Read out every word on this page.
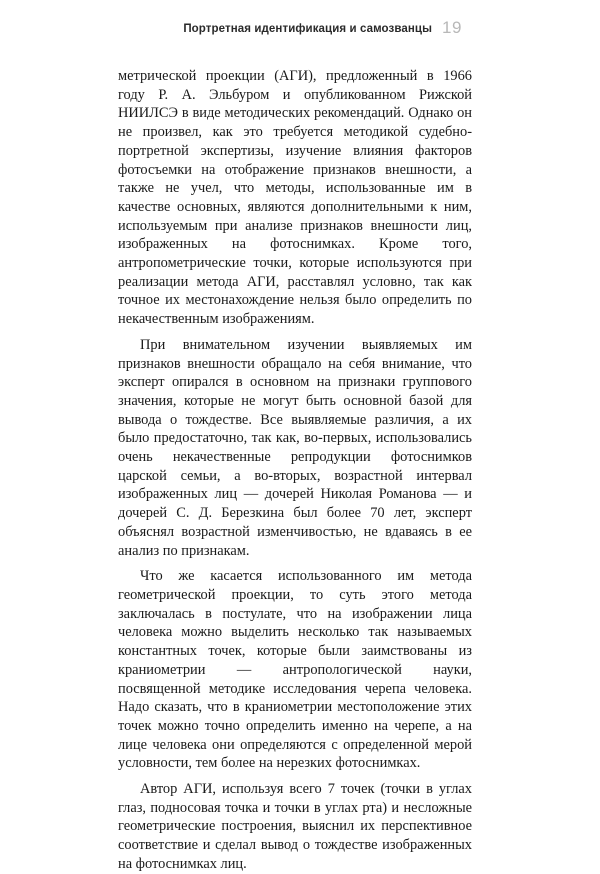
Портретная идентификация и самозванцы 19

метрической проекции (АГИ), предложенный в 1966 году Р. А. Эльбуром и опубликованном Рижской НИИЛСЭ в виде методических рекомендаций. Однако он не произвел, как это требуется методикой судебно-портретной экспертизы, изучение влияния факторов фотосъемки на отображение признаков внешности, а также не учел, что методы, использованные им в качестве основных, являются дополнительными к ним, используемым при анализе признаков внешности лиц, изображенных на фотоснимках. Кроме того, антропометрические точки, которые используются при реализации метода АГИ, расставлял условно, так как точное их местонахождение нельзя было определить по некачественным изображениям.

При внимательном изучении выявляемых им признаков внешности обращало на себя внимание, что эксперт опирался в основном на признаки группового значения, которые не могут быть основной базой для вывода о тождестве. Все выявляемые различия, а их было предостаточно, так как, во-первых, использовались очень некачественные репродукции фотоснимков царской семьи, а во-вторых, возрастной интервал изображенных лиц — дочерей Николая Романова — и дочерей С. Д. Березкина был более 70 лет, эксперт объяснял возрастной изменчивостью, не вдаваясь в ее анализ по признакам.

Что же касается использованного им метода геометрической проекции, то суть этого метода заключалась в постулате, что на изображении лица человека можно выделить несколько так называемых константных точек, которые были заимствованы из краниометрии — антропологической науки, посвященной методике исследования черепа человека. Надо сказать, что в краниометрии местоположение этих точек можно точно определить именно на черепе, а на лице человека они определяются с определенной мерой условности, тем более на нерезких фотоснимках.

Автор АГИ, используя всего 7 точек (точки в углах глаз, подносовая точка и точки в углах рта) и несложные геометрические построения, выяснил их перспективное соответствие и сделал вывод о тождестве изображенных на фотоснимках лиц.
